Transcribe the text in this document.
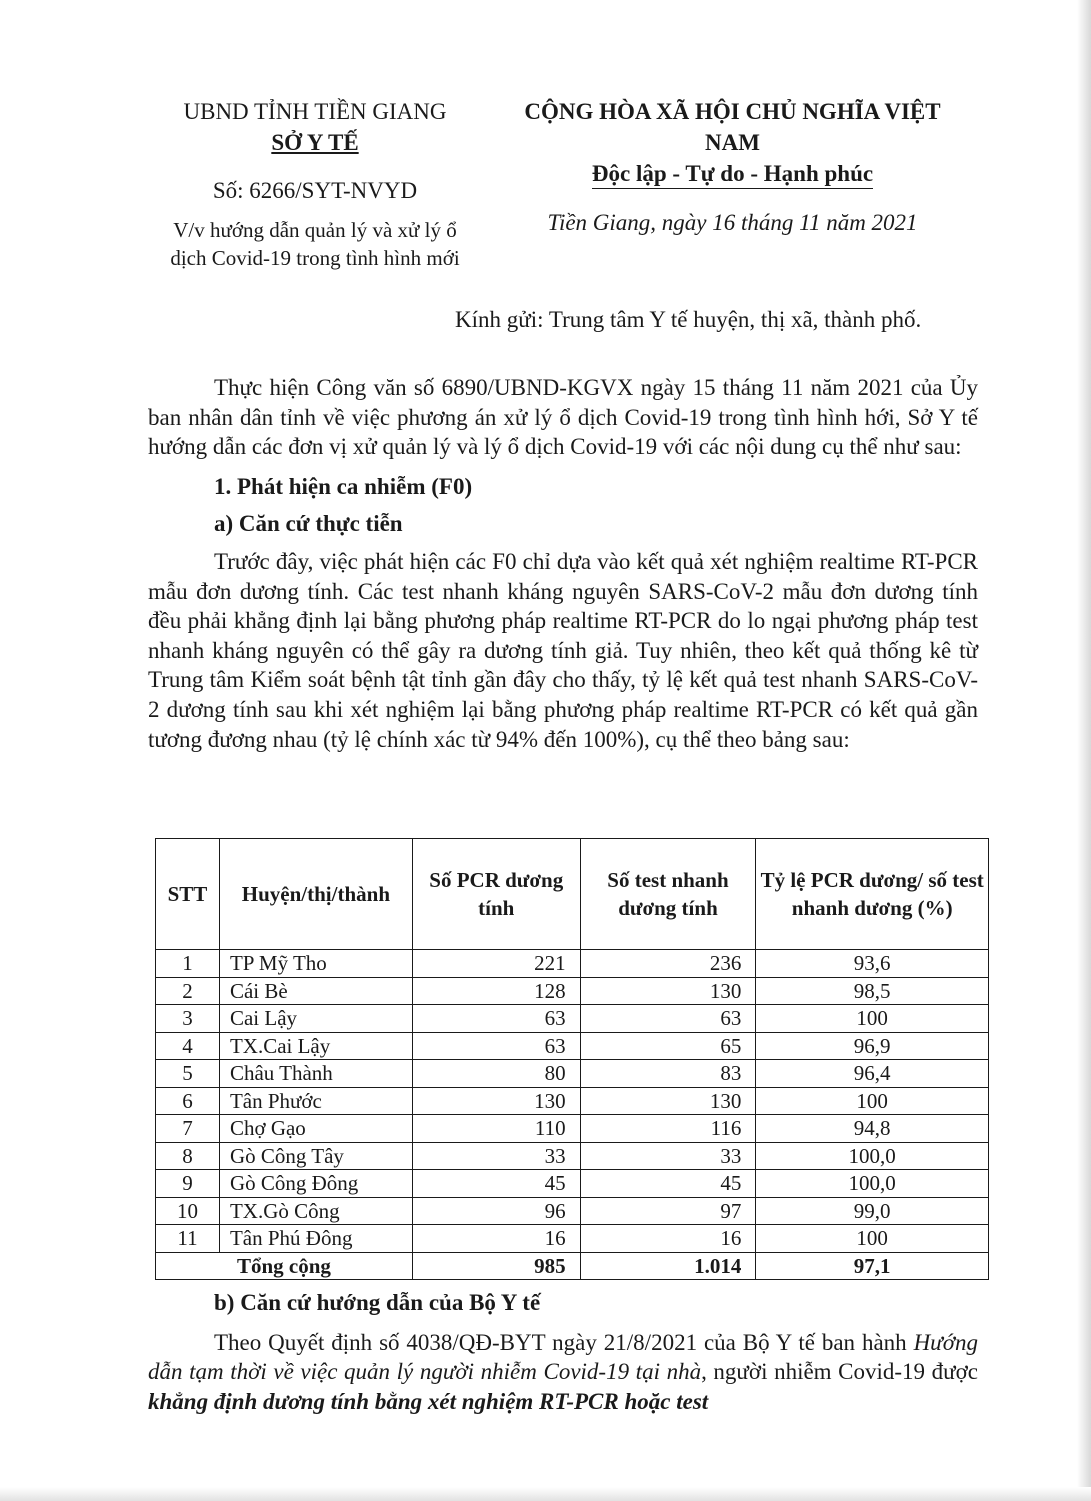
UBND TỈNH TIỀN GIANG
SỞ Y TẾ
Số: 6266/SYT-NVYD
V/v hướng dẫn quản lý và xử lý ổ
dịch Covid-19 trong tình hình mới
CỘNG HÒA XÃ HỘI CHỦ NGHĨA VIỆT NAM
Độc lập - Tự do - Hạnh phúc
Tiền Giang, ngày 16 tháng 11 năm 2021
Kính gửi: Trung tâm Y tế huyện, thị xã, thành phố.

Thực hiện Công văn số 6890/UBND-KGVX ngày 15 tháng 11 năm 2021 của Ủy ban nhân dân tỉnh về việc phương án xử lý ổ dịch Covid-19 trong tình hình hới, Sở Y tế hướng dẫn các đơn vị xử quản lý và lý ổ dịch Covid-19 với các nội dung cụ thể như sau:

1. Phát hiện ca nhiễm (F0)
a) Căn cứ thực tiễn

Trước đây, việc phát hiện các F0 chỉ dựa vào kết quả xét nghiệm realtime RT-PCR mẫu đơn dương tính. Các test nhanh kháng nguyên SARS-CoV-2 mẫu đơn dương tính đều phải khẳng định lại bằng phương pháp realtime RT-PCR do lo ngại phương pháp test nhanh kháng nguyên có thể gây ra dương tính giả. Tuy nhiên, theo kết quả thống kê từ Trung tâm Kiểm soát bệnh tật tỉnh gần đây cho thấy, tỷ lệ kết quả test nhanh SARS-CoV-2 dương tính sau khi xét nghiệm lại bằng phương pháp realtime RT-PCR có kết quả gần tương đương nhau (tỷ lệ chính xác từ 94% đến 100%), cụ thể theo bảng sau:

STT	Huyện/thị/thành	Số PCR dương tính	Số test nhanh dương tính	Tỷ lệ PCR dương/ số test nhanh dương (%)
1	TP Mỹ Tho	221	236	93,6
2	Cái Bè	128	130	98,5
3	Cai Lậy	63	63	100
4	TX.Cai Lậy	63	65	96,9
5	Châu Thành	80	83	96,4
6	Tân Phước	130	130	100
7	Chợ Gạo	110	116	94,8
8	Gò Công Tây	33	33	100,0
9	Gò Công Đông	45	45	100,0
10	TX.Gò Công	96	97	99,0
11	Tân Phú Đông	16	16	100
Tổng cộng		985	1.014	97,1
b) Căn cứ hướng dẫn của Bộ Y tế

Theo Quyết định số 4038/QĐ-BYT ngày 21/8/2021 của Bộ Y tế ban hành Hướng dẫn tạm thời về việc quản lý người nhiễm Covid-19 tại nhà, người nhiễm Covid-19 được khẳng định dương tính bằng xét nghiệm RT-PCR hoặc test
